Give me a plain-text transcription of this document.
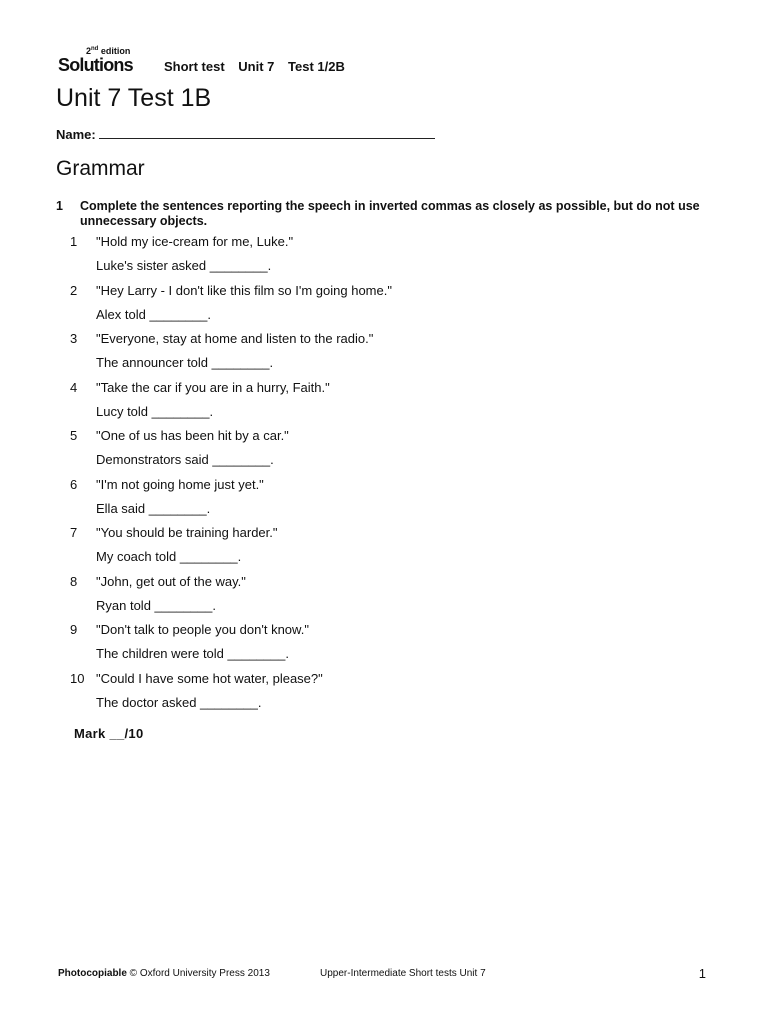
2nd edition
Solutions Short test Unit 7 Test 1/2B
Unit 7 Test 1B
Name:
Grammar
1 Complete the sentences reporting the speech in inverted commas as closely as possible, but do not use unnecessary objects.
1	"Hold my ice-cream for me, Luke."
Luke's sister asked ________.
2	"Hey Larry - I don't like this film so I'm going home."
Alex told ________.
3	"Everyone, stay at home and listen to the radio."
The announcer told ________.
4	"Take the car if you are in a hurry, Faith."
Lucy told ________.
5	"One of us has been hit by a car."
Demonstrators said ________.
6	"I'm not going home just yet."
Ella said ________.
7	"You should be training harder."
My coach told ________.
8	"John, get out of the way."
Ryan told ________.
9	"Don't talk to people you don't know."
The children were told ________.
10 "Could I have some hot water, please?"
The doctor asked ________.
Mark __/10
Photocopiable © Oxford University Press 2013	Upper-Intermediate Short tests Unit 7	1
